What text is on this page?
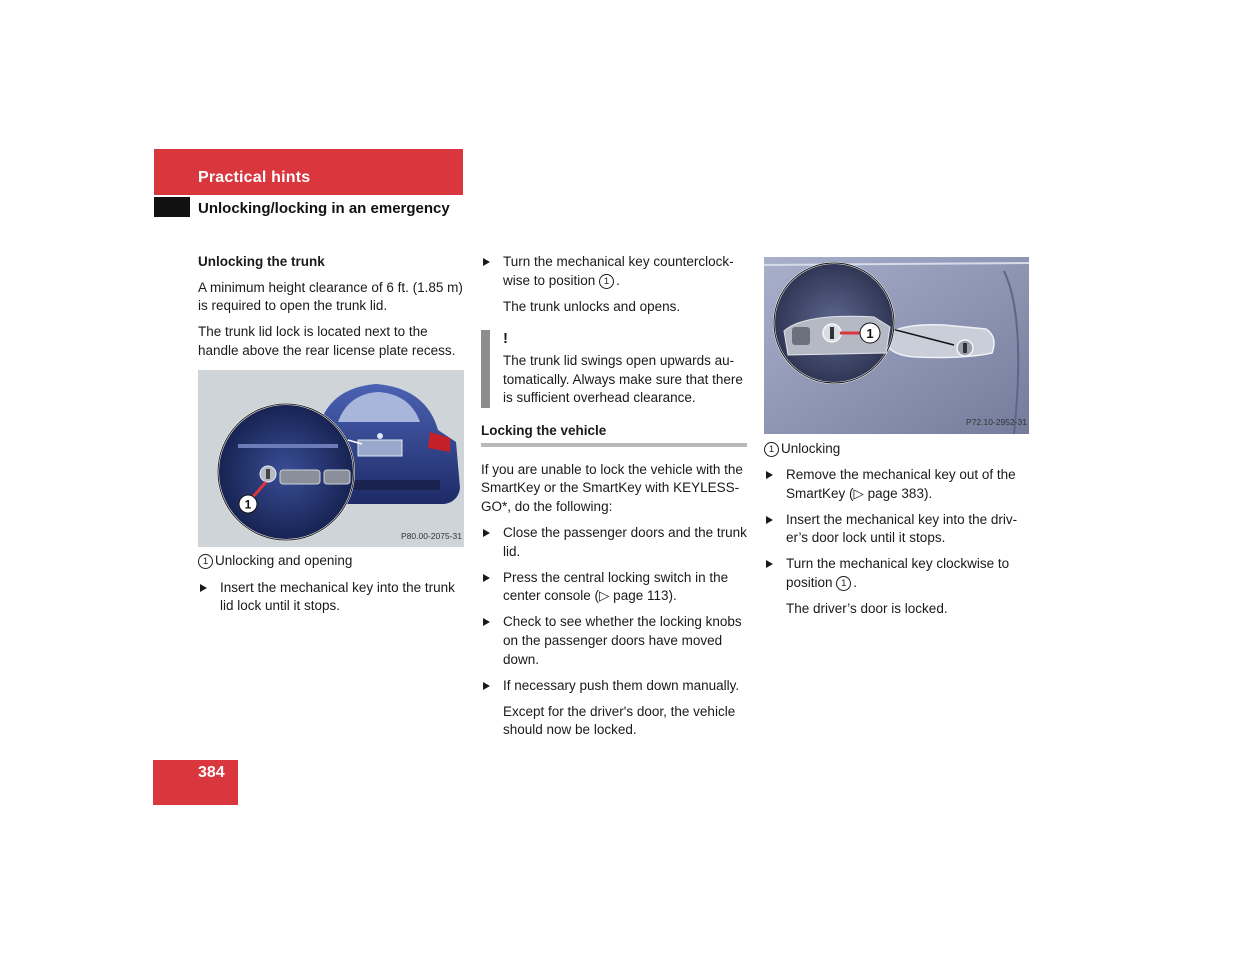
Practical hints
Unlocking/locking in an emergency
Unlocking the trunk

A minimum height clearance of 6 ft. (1.85 m) is required to open the trunk lid.

The trunk lid lock is located next to the handle above the rear license plate recess.

1
P80.00-2075-31

1 Unlocking and opening

Insert the mechanical key into the trunk lid lock until it stops.
Turn the mechanical key counterclock-wise to position 1 .

The trunk unlocks and opens.

!
The trunk lid swings open upwards au-tomatically. Always make sure that there is sufficient overhead clearance.
Locking the vehicle

If you are unable to lock the vehicle with the SmartKey or the SmartKey with KEYLESS-GO*, do the following:

Close the passenger doors and the trunk lid.
Press the central locking switch in the center console (▷ page 113).
Check to see whether the locking knobs on the passenger doors have moved down.
If necessary push them down manually.

Except for the driver's door, the vehicle should now be locked.

1
P72.10-2952-31

1 Unlocking

Remove the mechanical key out of the SmartKey (▷ page 383).
Insert the mechanical key into the driv-er’s door lock until it stops.
Turn the mechanical key clockwise to position 1 .

The driver’s door is locked.

384
